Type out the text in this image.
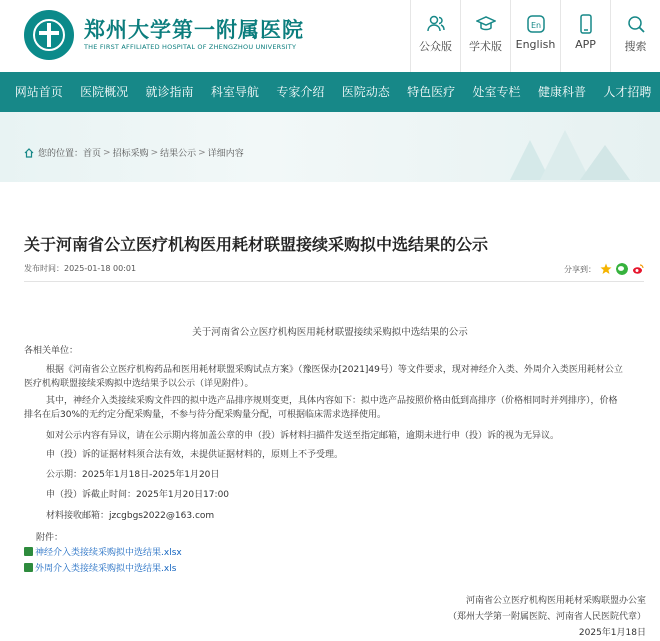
郑州大学第一附属医院
THE FIRST AFFILIATED HOSPITAL OF ZHENGZHOU UNIVERSITY	公众版	学术版
En
English	APP	搜索
网站首页	医院概况	就诊指南	科室导航	专家介绍	医院动态	特色医疗	处室专栏	健康科普	人才招聘
您的位置： 首页 > 招标采购 > 结果公示 > 详细内容
关于河南省公立医疗机构医用耗材联盟接续采购拟中选结果的公示
发布时间：2025-01-18 00:01	分享到：
关于河南省公立医疗机构医用耗材联盟接续采购拟中选结果的公示
各相关单位：
根据《河南省公立医疗机构药品和医用耗材联盟采购试点方案》（豫医保办[2021]49号）等文件要求，现对神经介入类、外周介入类医用耗材公立
医疗机构联盟接续采购拟中选结果予以公示（详见附件）。
其中，神经介入类接续采购文件四的拟中选产品排序规则变更，具体内容如下：拟中选产品按照价格由低到高排序（价格相同时并列排序），价格
排名在后30%的无约定分配采购量，不参与待分配采购量分配，可根据临床需求选择使用。
如对公示内容有异议，请在公示期内将加盖公章的申（投）诉材料扫描件发送至指定邮箱，逾期未进行申（投）诉的视为无异议。
申（投）诉的证据材料须合法有效，未提供证据材料的，原则上不予受理。
公示期：2025年1月18日-2025年1月20日
申（投）诉截止时间：2025年1月20日17:00
材料接收邮箱：jzcgbgs2022@163.com
附件：
神经介入类接续采购拟中选结果.xlsx
外周介入类接续采购拟中选结果.xls
河南省公立医疗机构医用耗材采购联盟办公室
（郑州大学第一附属医院、河南省人民医院代章）
2025年1月18日
